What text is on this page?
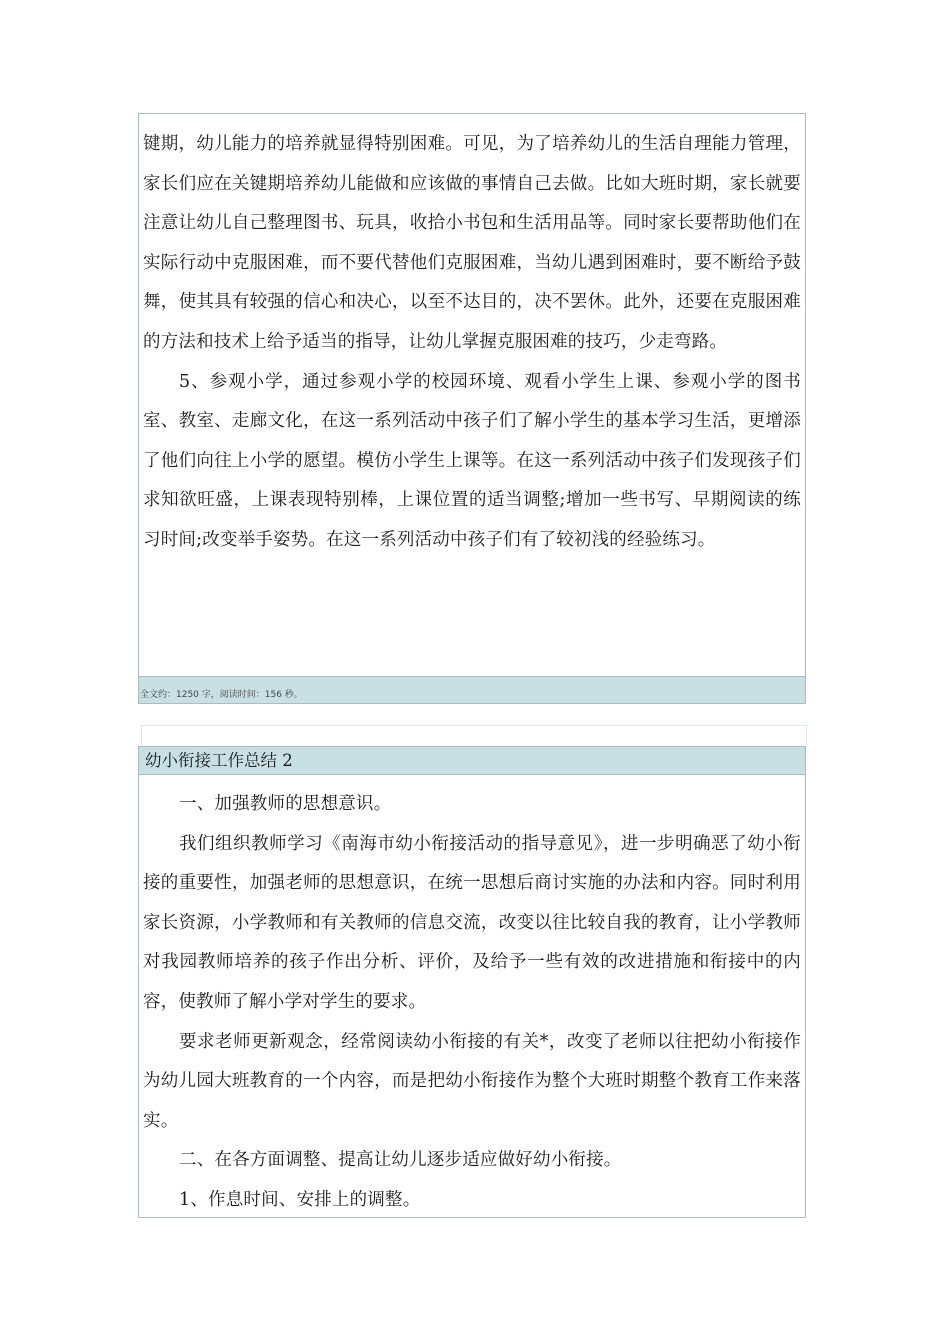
键期，幼儿能力的培养就显得特别困难。可见，为了培养幼儿的生活自理能力管理，家长们应在关键期培养幼儿能做和应该做的事情自己去做。比如大班时期，家长就要注意让幼儿自己整理图书、玩具，收拾小书包和生活用品等。同时家长要帮助他们在实际行动中克服困难，而不要代替他们克服困难，当幼儿遇到困难时，要不断给予鼓舞，使其具有较强的信心和决心，以至不达目的，决不罢休。此外，还要在克服困难的方法和技术上给予适当的指导，让幼儿掌握克服困难的技巧，少走弯路。

5、参观小学，通过参观小学的校园环境、观看小学生上课、参观小学的图书室、教室、走廊文化，在这一系列活动中孩子们了解小学生的基本学习生活，更增添了他们向往上小学的愿望。模仿小学生上课等。在这一系列活动中孩子们发现孩子们求知欲旺盛，上课表现特别棒，上课位置的适当调整;增加一些书写、早期阅读的练习时间;改变举手姿势。在这一系列活动中孩子们有了较初浅的经验练习。

全文约：1250 字，阅读时间：156 秒。
幼小衔接工作总结 2

一、加强教师的思想意识。

我们组织教师学习《南海市幼小衔接活动的指导意见》，进一步明确恶了幼小衔接的重要性，加强老师的思想意识，在统一思想后商讨实施的办法和内容。同时利用家长资源，小学教师和有关教师的信息交流，改变以往比较自我的教育，让小学教师对我园教师培养的孩子作出分析、评价，及给予一些有效的改进措施和衔接中的内容，使教师了解小学对学生的要求。

要求老师更新观念，经常阅读幼小衔接的有关*，改变了老师以往把幼小衔接作为幼儿园大班教育的一个内容，而是把幼小衔接作为整个大班时期整个教育工作来落实。

二、在各方面调整、提高让幼儿逐步适应做好幼小衔接。

1、作息时间、安排上的调整。
